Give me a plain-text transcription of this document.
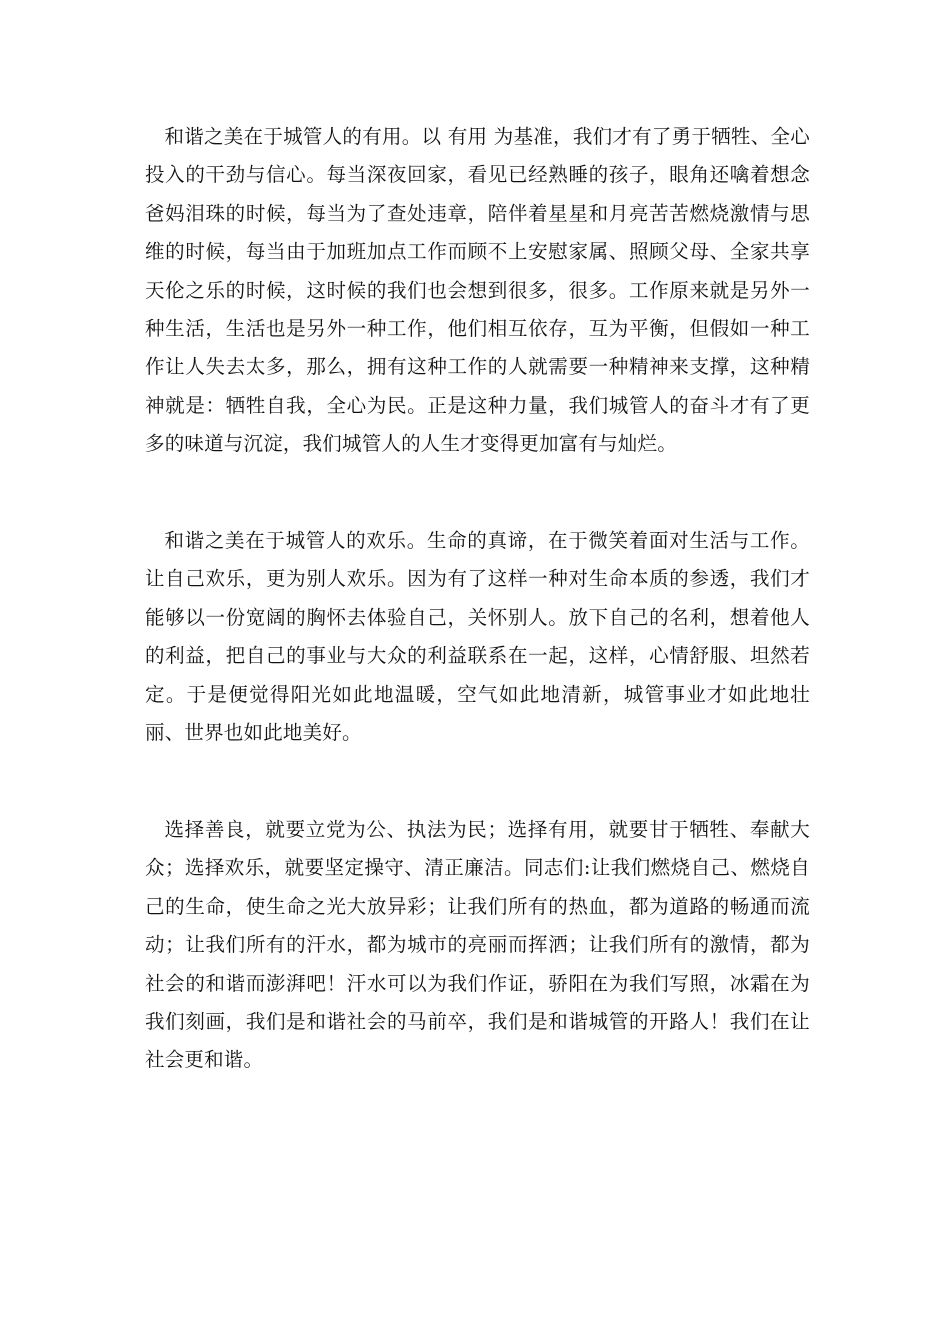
和谐之美在于城管人的有用。以 有用 为基准，我们才有了勇于牺牲、全心投入的干劲与信心。每当深夜回家，看见已经熟睡的孩子，眼角还噙着想念爸妈泪珠的时候，每当为了查处违章，陪伴着星星和月亮苦苦燃烧激情与思维的时候，每当由于加班加点工作而顾不上安慰家属、照顾父母、全家共享天伦之乐的时候，这时候的我们也会想到很多，很多。工作原来就是另外一种生活，生活也是另外一种工作，他们相互依存，互为平衡，但假如一种工作让人失去太多，那么，拥有这种工作的人就需要一种精神来支撑，这种精神就是：牺牲自我，全心为民。正是这种力量，我们城管人的奋斗才有了更多的味道与沉淀，我们城管人的人生才变得更加富有与灿烂。

和谐之美在于城管人的欢乐。生命的真谛，在于微笑着面对生活与工作。让自己欢乐，更为别人欢乐。因为有了这样一种对生命本质的参透，我们才能够以一份宽阔的胸怀去体验自己，关怀别人。放下自己的名利，想着他人的利益，把自己的事业与大众的利益联系在一起，这样，心情舒服、坦然若定。于是便觉得阳光如此地温暖，空气如此地清新，城管事业才如此地壮丽、世界也如此地美好。

选择善良，就要立党为公、执法为民；选择有用，就要甘于牺牲、奉献大众；选择欢乐，就要坚定操守、清正廉洁。同志们:让我们燃烧自己、燃烧自己的生命，使生命之光大放异彩；让我们所有的热血，都为道路的畅通而流动；让我们所有的汗水，都为城市的亮丽而挥洒；让我们所有的激情，都为社会的和谐而澎湃吧！汗水可以为我们作证，骄阳在为我们写照，冰霜在为我们刻画，我们是和谐社会的马前卒，我们是和谐城管的开路人！我们在让社会更和谐。
